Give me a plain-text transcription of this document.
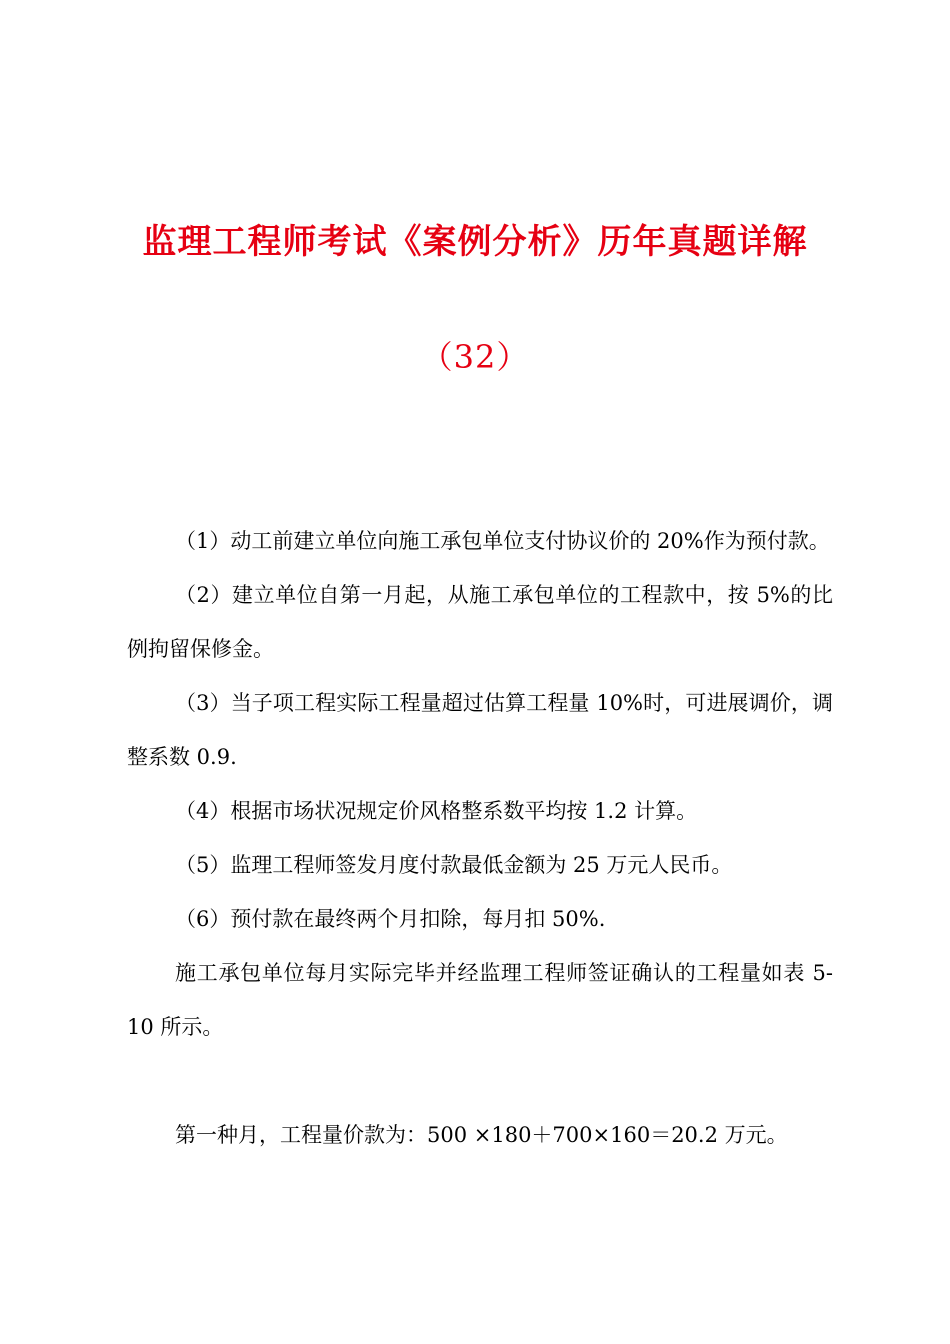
监理工程师考试《案例分析》历年真题详解
（32）

（1）动工前建立单位向施工承包单位支付协议价的 20%作为预付款。

（2）建立单位自第一月起，从施工承包单位的工程款中，按 5%的比例拘留保修金。

（3）当子项工程实际工程量超过估算工程量 10%时，可进展调价，调整系数 0.9.

（4）根据市场状况规定价风格整系数平均按 1.2 计算。

（5）监理工程师签发月度付款最低金额为 25 万元人民币。

（6）预付款在最终两个月扣除，每月扣 50%.

施工承包单位每月实际完毕并经监理工程师签证确认的工程量如表 5-10 所示。

第一种月，工程量价款为：500 ×180＋700×160＝20.2 万元。
